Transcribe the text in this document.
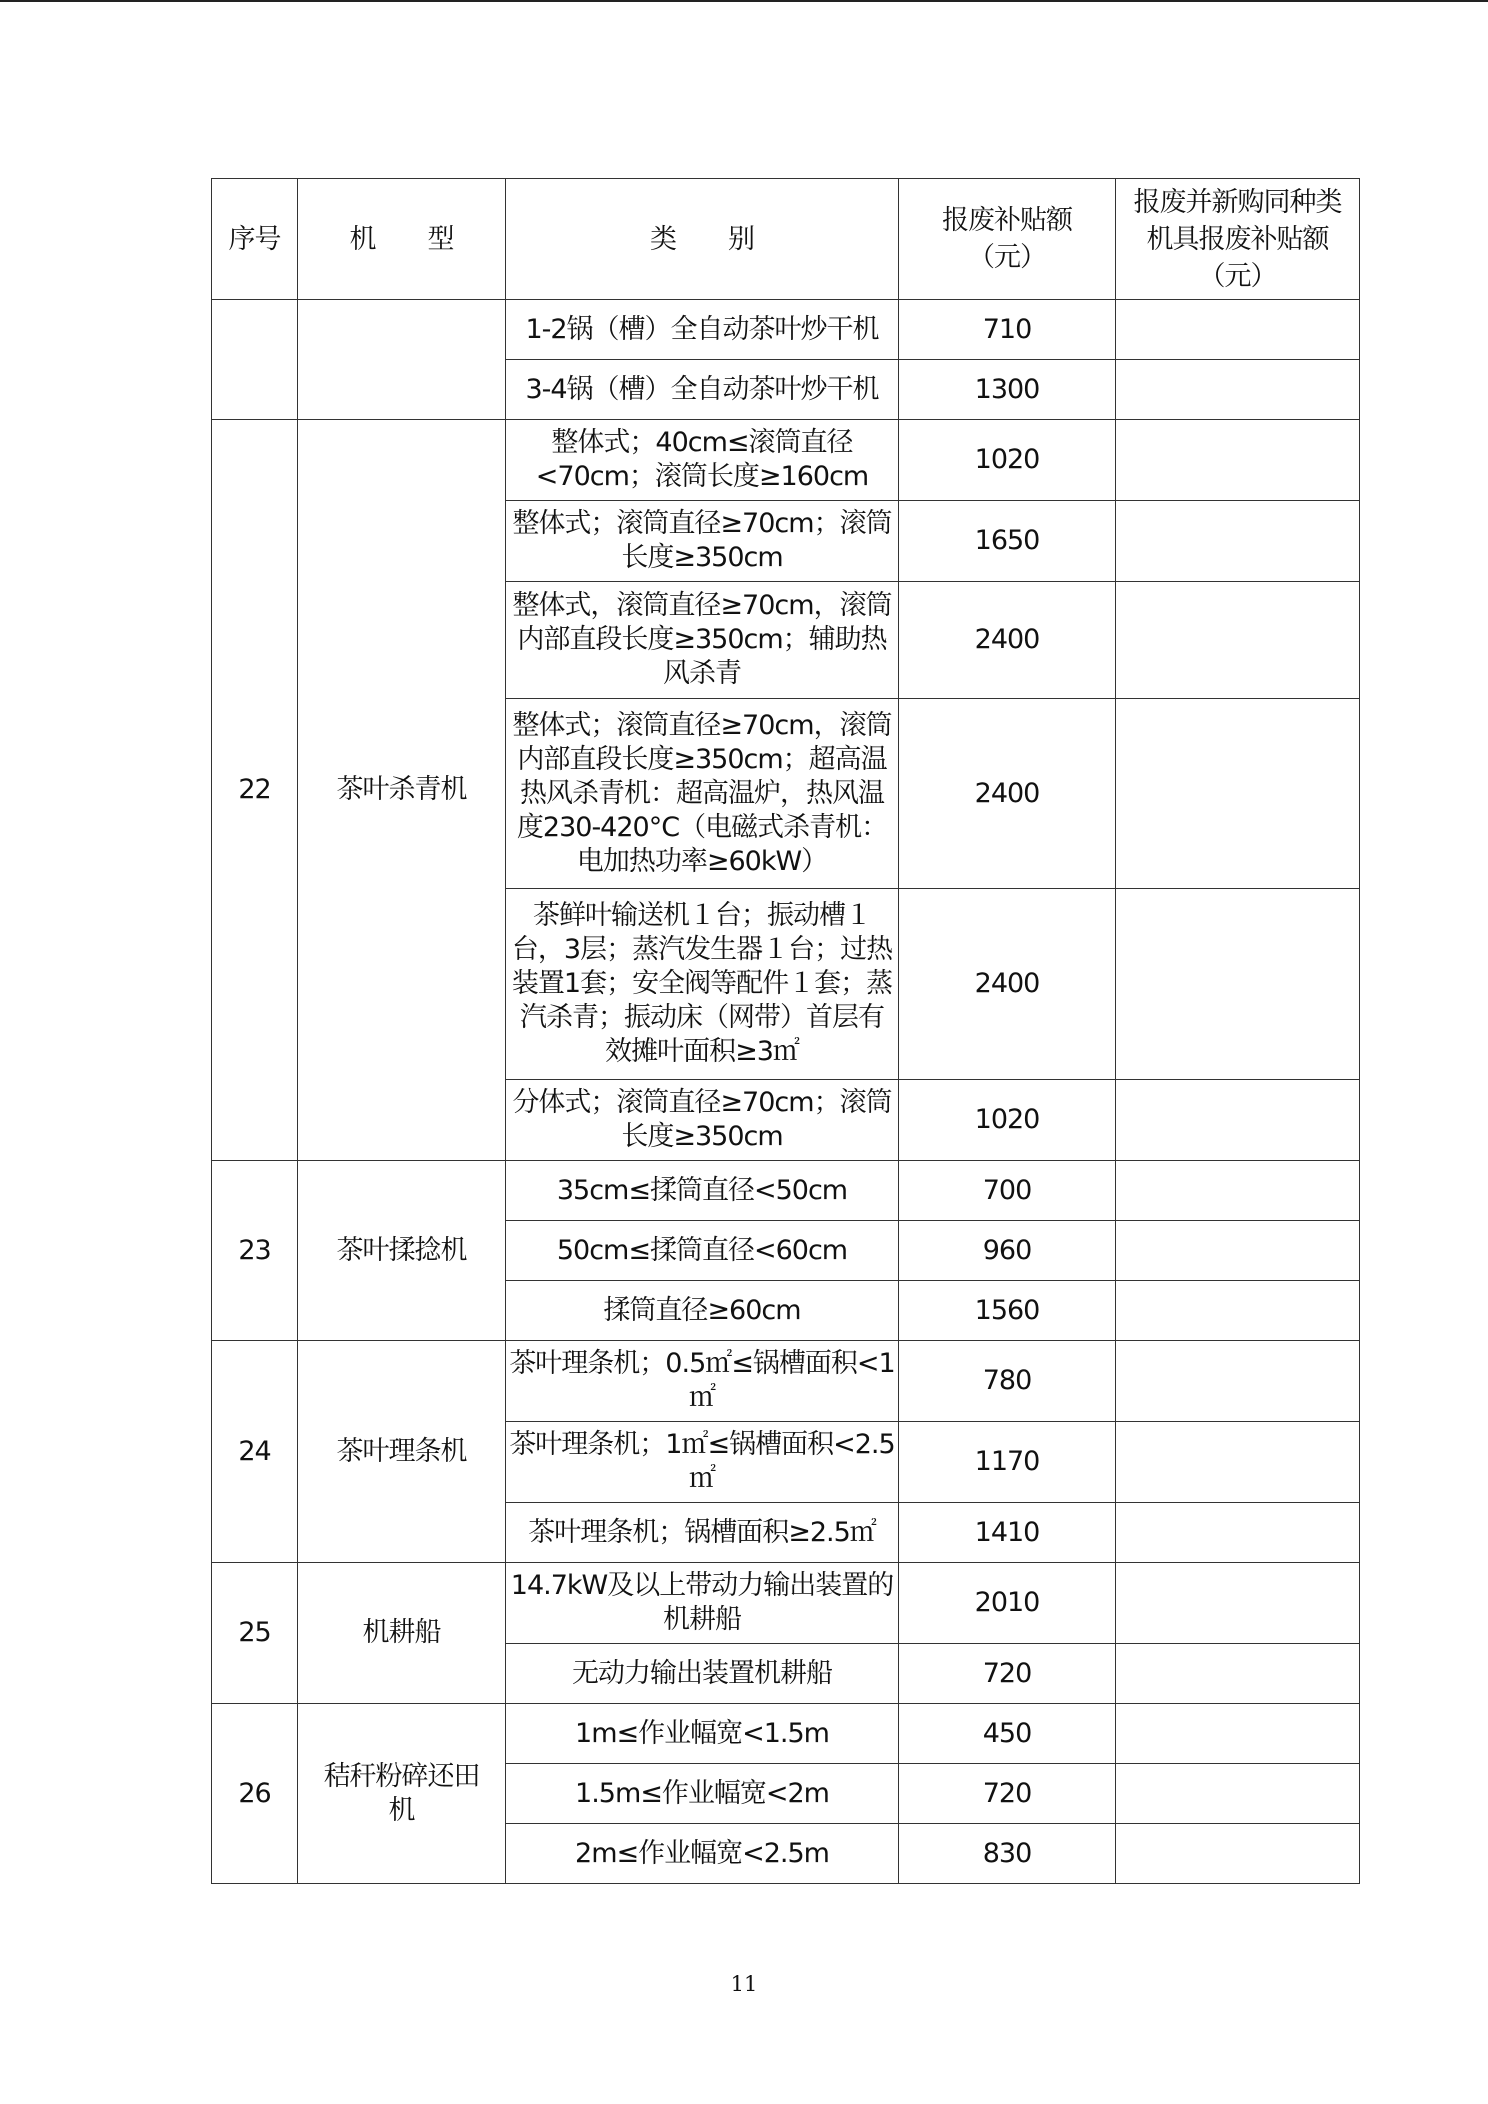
序号	机　　型	类　　别	报废补贴额（元）	报废并新购同种类机具报废补贴额（元）
		1-2锅（槽）全自动茶叶炒干机	710	
		3-4锅（槽）全自动茶叶炒干机	1300	
22	茶叶杀青机	整体式；40cm≤滚筒直径<70cm；滚筒长度≥160cm	1020	
		整体式；滚筒直径≥70cm；滚筒长度≥350cm	1650	
		整体式，滚筒直径≥70cm，滚筒内部直段长度≥350cm；辅助热风杀青	2400	
		整体式；滚筒直径≥70cm，滚筒内部直段长度≥350cm；超高温热风杀青机：超高温炉，热风温度230-420°C（电磁式杀青机：电加热功率≥60kW）	2400	
		茶鲜叶输送机１台；振动槽１台，3层；蒸汽发生器１台；过热装置1套；安全阀等配件１套；蒸汽杀青；振动床（网带）首层有效摊叶面积≥3㎡	2400	
		分体式；滚筒直径≥70cm；滚筒长度≥350cm	1020	
23	茶叶揉捻机	35cm≤揉筒直径<50cm	700	
		50cm≤揉筒直径<60cm	960	
		揉筒直径≥60cm	1560	
24	茶叶理条机	茶叶理条机；0.5㎡≤锅槽面积<1㎡	780	
		茶叶理条机；1㎡≤锅槽面积<2.5㎡	1170	
		茶叶理条机；锅槽面积≥2.5㎡	1410	
25	机耕船	14.7kW及以上带动力输出装置的机耕船	2010	
		无动力输出装置机耕船	720	
26	秸秆粉碎还田机	1m≤作业幅宽<1.5m	450	
		1.5m≤作业幅宽<2m	720	
		2m≤作业幅宽<2.5m	830	
11
